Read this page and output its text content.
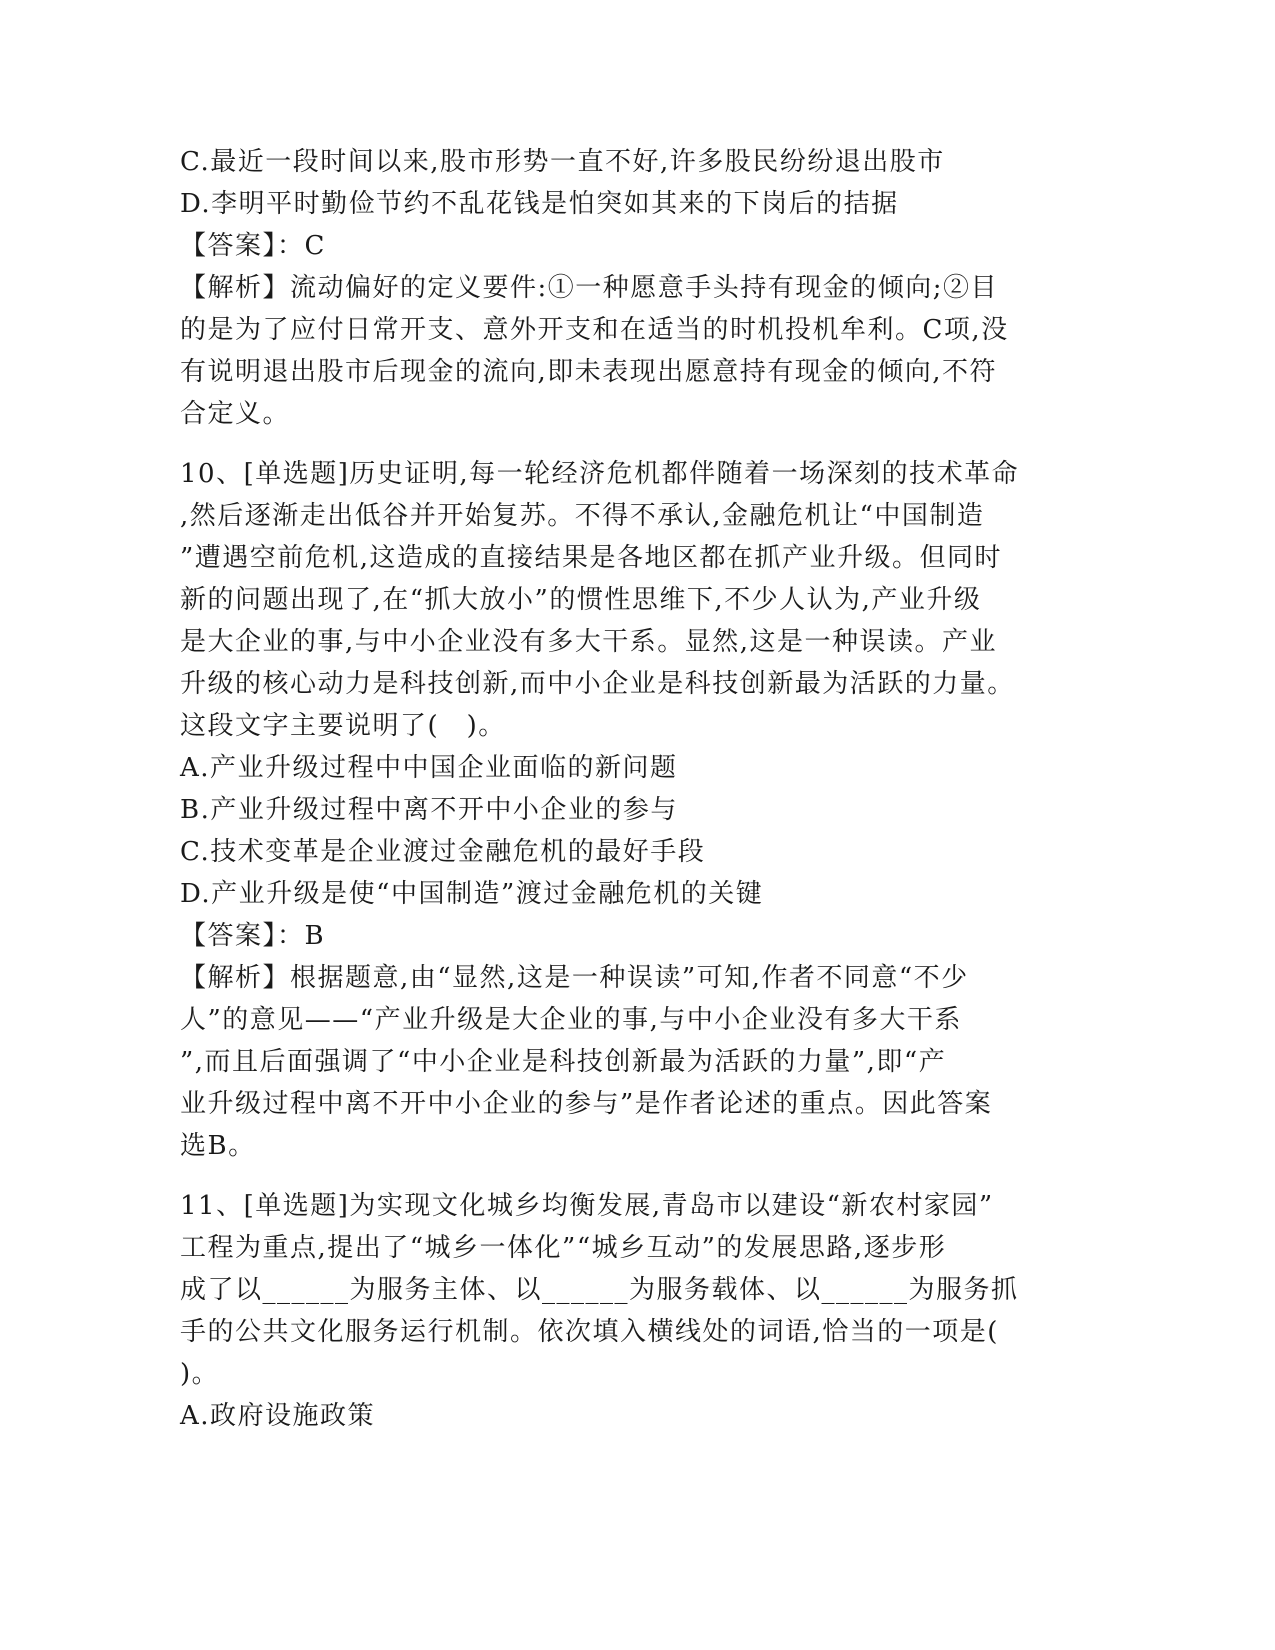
C.最近一段时间以来,股市形势一直不好,许多股民纷纷退出股市
D.李明平时勤俭节约不乱花钱是怕突如其来的下岗后的拮据
【答案】：C
【解析】流动偏好的定义要件:①一种愿意手头持有现金的倾向;②目
的是为了应付日常开支、意外开支和在适当的时机投机牟利。C项,没
有说明退出股市后现金的流向,即未表现出愿意持有现金的倾向,不符
合定义。
10、[单选题]历史证明,每一轮经济危机都伴随着一场深刻的技术革命
,然后逐渐走出低谷并开始复苏。不得不承认,金融危机让“中国制造
”遭遇空前危机,这造成的直接结果是各地区都在抓产业升级。但同时
新的问题出现了,在“抓大放小”的惯性思维下,不少人认为,产业升级
是大企业的事,与中小企业没有多大干系。显然,这是一种误读。产业
升级的核心动力是科技创新,而中小企业是科技创新最为活跃的力量。
这段文字主要说明了(　)。
A.产业升级过程中中国企业面临的新问题
B.产业升级过程中离不开中小企业的参与
C.技术变革是企业渡过金融危机的最好手段
D.产业升级是使“中国制造”渡过金融危机的关键
【答案】：B
【解析】根据题意,由“显然,这是一种误读”可知,作者不同意“不少
人”的意见——“产业升级是大企业的事,与中小企业没有多大干系
”,而且后面强调了“中小企业是科技创新最为活跃的力量”,即“产
业升级过程中离不开中小企业的参与”是作者论述的重点。因此答案
选B。
11、[单选题]为实现文化城乡均衡发展,青岛市以建设“新农村家园”
工程为重点,提出了“城乡一体化”“城乡互动”的发展思路,逐步形
成了以______为服务主体、以______为服务载体、以______为服务抓
手的公共文化服务运行机制。依次填入横线处的词语,恰当的一项是(
)。
A.政府设施政策
